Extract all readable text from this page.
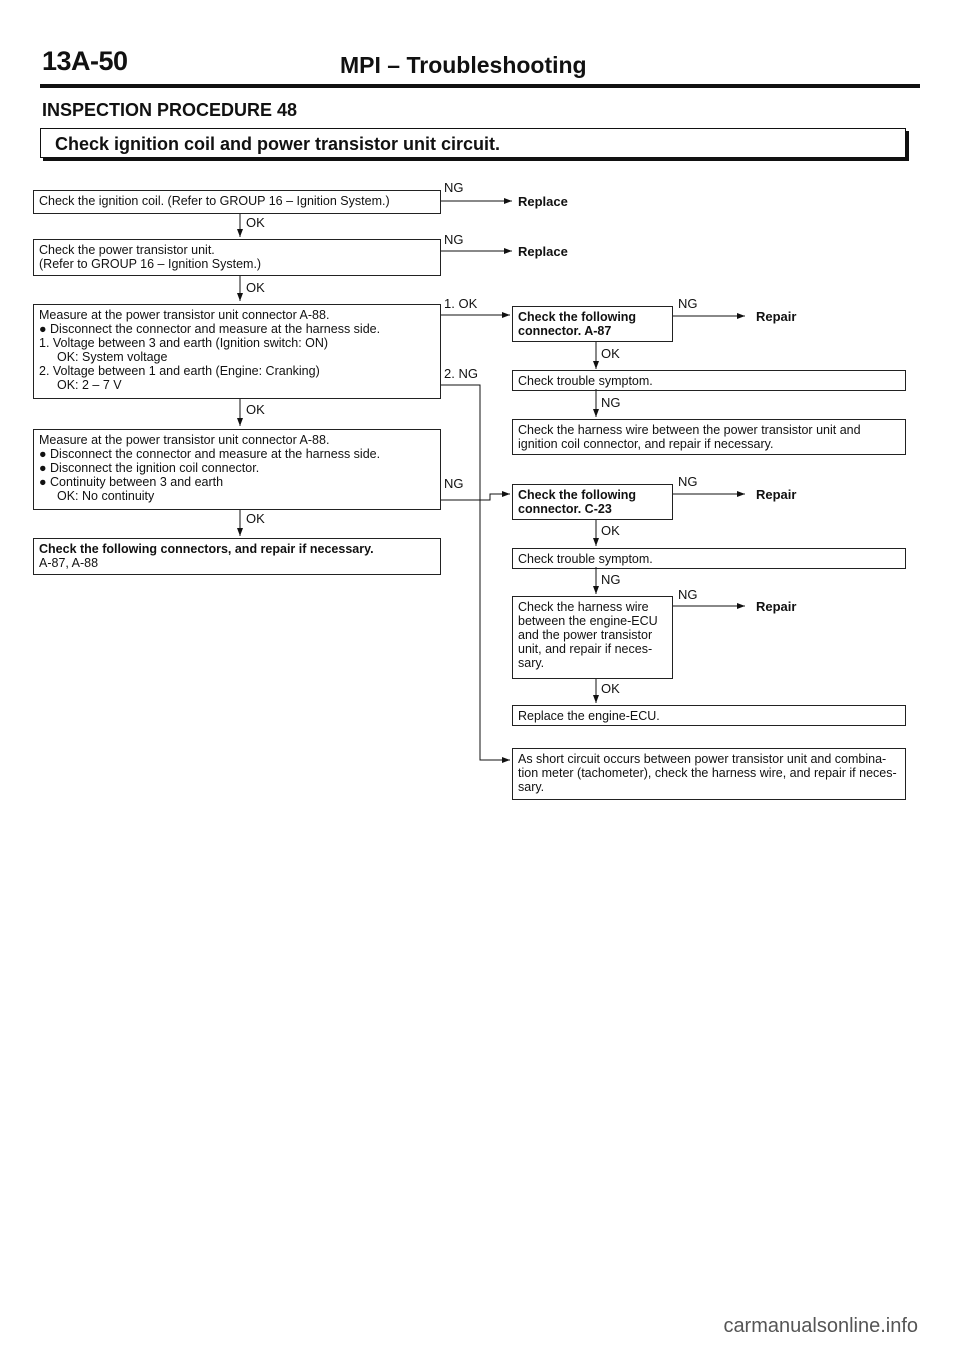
13A-50	MPI – Troubleshooting
INSPECTION PROCEDURE 48
Check ignition coil and power transistor unit circuit.
Check the ignition coil. (Refer to GROUP 16 – Ignition System.)
Check the power transistor unit.
(Refer to GROUP 16 – Ignition System.)
Measure at the power transistor unit connector A-88.
● Disconnect the connector and measure at the harness side.
1. Voltage between 3 and earth (Ignition switch: ON)
OK: System voltage
2. Voltage between 1 and earth (Engine: Cranking)
OK: 2 – 7 V
Measure at the power transistor unit connector A-88.
● Disconnect the connector and measure at the harness side.
● Disconnect the ignition coil connector.
● Continuity between 3 and earth
OK: No continuity
Check the following connectors, and repair if necessary.
A-87, A-88
Check the following
connector. A-87
Check trouble symptom.
Check the harness wire between the power transistor unit and
ignition coil connector, and repair if necessary.
Check the following
connector. C-23
Check trouble symptom.
Check the harness wire
between the engine-ECU
and the power transistor
unit, and repair if neces-
sary.
Replace the engine-ECU.
As short circuit occurs between power transistor unit and combina-
tion meter (tachometer), check the harness wire, and repair if neces-
sary.
NG
Replace
OK
NG
Replace
OK
1. OK	NG
Repair
OK
2. NG
NG
OK
NG	NG
Repair
OK
OK
NG
NG
Repair
OK
carmanualsonline.info
